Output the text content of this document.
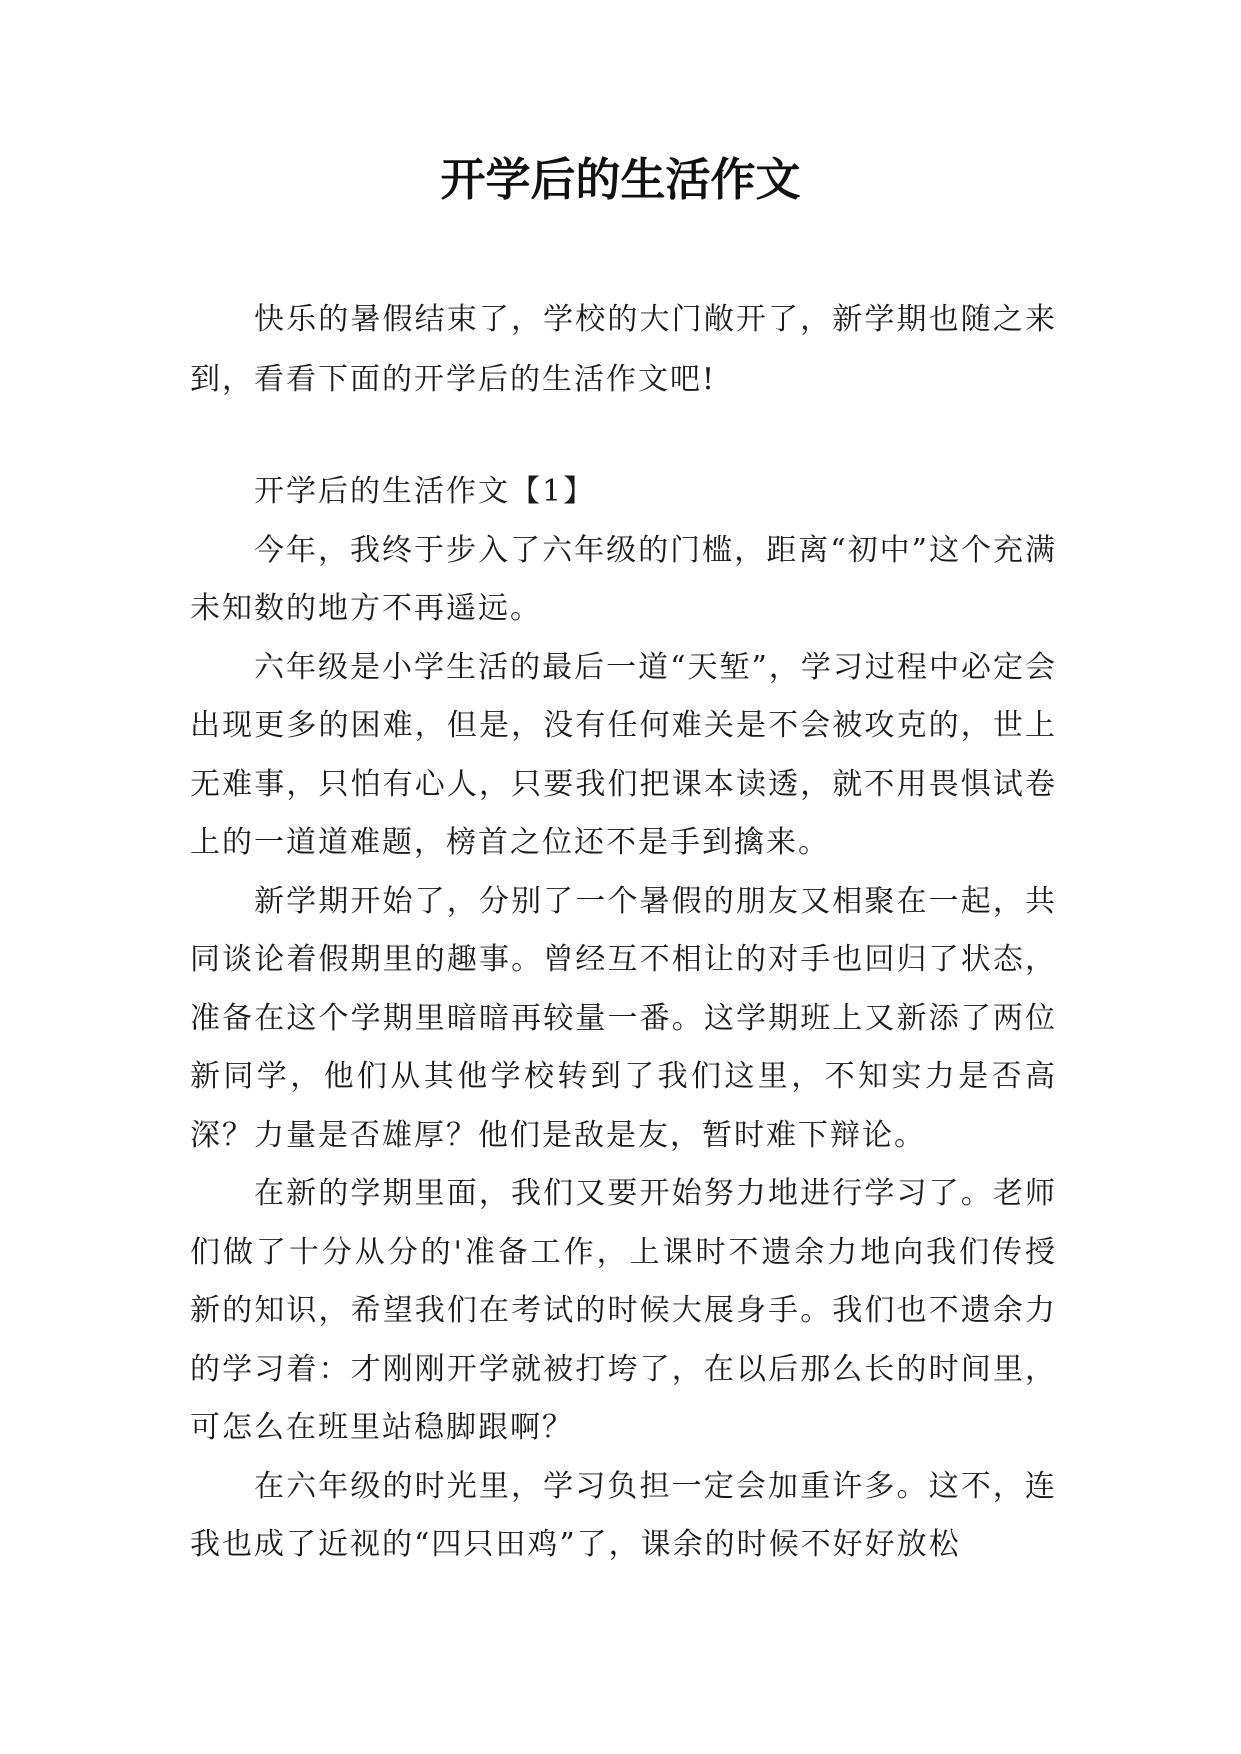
开学后的生活作文

快乐的暑假结束了，学校的大门敞开了，新学期也随之来到，看看下面的开学后的生活作文吧!

开学后的生活作文【1】

今年，我终于步入了六年级的门槛，距离“初中”这个充满未知数的地方不再遥远。

六年级是小学生活的最后一道“天堑”，学习过程中必定会出现更多的困难，但是，没有任何难关是不会被攻克的，世上无难事，只怕有心人，只要我们把课本读透，就不用畏惧试卷上的一道道难题，榜首之位还不是手到擒来。

新学期开始了，分别了一个暑假的朋友又相聚在一起，共同谈论着假期里的趣事。曾经互不相让的对手也回归了状态，准备在这个学期里暗暗再较量一番。这学期班上又新添了两位新同学，他们从其他学校转到了我们这里，不知实力是否高深？力量是否雄厚？他们是敌是友，暂时难下辩论。

在新的学期里面，我们又要开始努力地进行学习了。老师们做了十分从分的'准备工作，上课时不遗余力地向我们传授新的知识，希望我们在考试的时候大展身手。我们也不遗余力的学习着：才刚刚开学就被打垮了，在以后那么长的时间里，可怎么在班里站稳脚跟啊？

在六年级的时光里，学习负担一定会加重许多。这不，连我也成了近视的“四只田鸡”了，课余的时候不好好放松
